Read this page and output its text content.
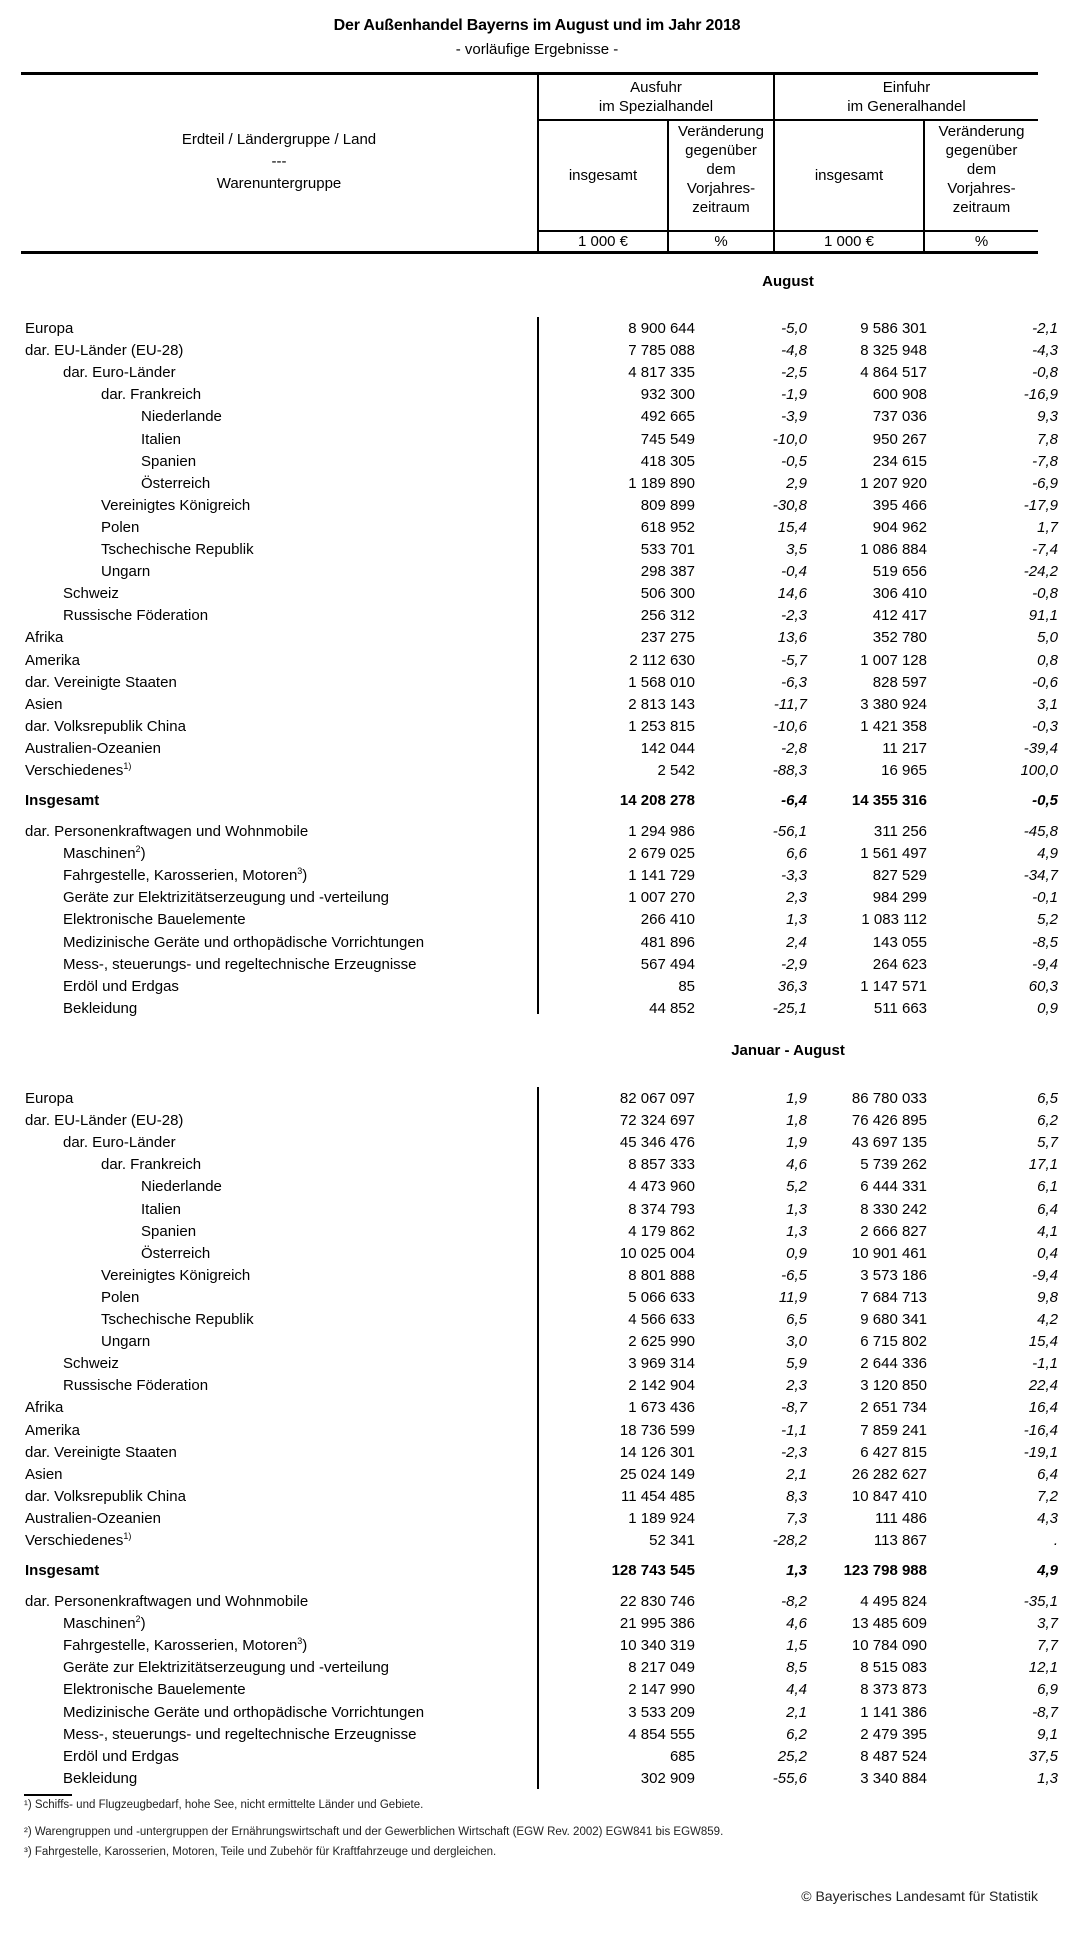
Der Außenhandel Bayerns im August und im Jahr 2018
- vorläufige Ergebnisse -
Erdteil / Ländergruppe / Land
---
Warenuntergruppe
Ausfuhr
im Spezialhandel
Einfuhr
im Generalhandel
insgesamt
Veränderung
gegenüber
dem
Vorjahres-
zeitraum
insgesamt
Veränderung
gegenüber
dem
Vorjahres-
zeitraum
1 000 €	%	1 000 €	%
August
Januar - August
Europa	8 900 644	-5,0	9 586 301	-2,1
dar. EU-Länder (EU-28)	7 785 088	-4,8	8 325 948	-4,3
dar. Euro-Länder	4 817 335	-2,5	4 864 517	-0,8
dar. Frankreich	932 300	-1,9	600 908	-16,9
Niederlande	492 665	-3,9	737 036	9,3
Italien	745 549	-10,0	950 267	7,8
Spanien	418 305	-0,5	234 615	-7,8
Österreich	1 189 890	2,9	1 207 920	-6,9
Vereinigtes Königreich	809 899	-30,8	395 466	-17,9
Polen	618 952	15,4	904 962	1,7
Tschechische Republik	533 701	3,5	1 086 884	-7,4
Ungarn	298 387	-0,4	519 656	-24,2
Schweiz	506 300	14,6	306 410	-0,8
Russische Föderation	256 312	-2,3	412 417	91,1
Afrika	237 275	13,6	352 780	5,0
Amerika	2 112 630	-5,7	1 007 128	0,8
dar. Vereinigte Staaten	1 568 010	-6,3	828 597	-0,6
Asien	2 813 143	-11,7	3 380 924	3,1
dar. Volksrepublik China	1 253 815	-10,6	1 421 358	-0,3
Australien-Ozeanien	142 044	-2,8	11 217	-39,4
Verschiedenes$^{1)}$	2 542	-88,3	16 965	100,0
Insgesamt	14 208 278	-6,4	14 355 316	-0,5
dar. Personenkraftwagen und Wohnmobile	1 294 986	-56,1	311 256	-45,8
Maschinen$^2$)	2 679 025	6,6	1 561 497	4,9
Fahrgestelle, Karosserien, Motoren$^3$)	1 141 729	-3,3	827 529	-34,7
Geräte zur Elektrizitätserzeugung und -verteilung	1 007 270	2,3	984 299	-0,1
Elektronische Bauelemente	266 410	1,3	1 083 112	5,2
Medizinische Geräte und orthopädische Vorrichtungen	481 896	2,4	143 055	-8,5
Mess-, steuerungs- und regeltechnische Erzeugnisse	567 494	-2,9	264 623	-9,4
Erdöl und Erdgas	85	36,3	1 147 571	60,3
Bekleidung	44 852	-25,1	511 663	0,9
Europa	82 067 097	1,9	86 780 033	6,5
dar. EU-Länder (EU-28)	72 324 697	1,8	76 426 895	6,2
dar. Euro-Länder	45 346 476	1,9	43 697 135	5,7
dar. Frankreich	8 857 333	4,6	5 739 262	17,1
Niederlande	4 473 960	5,2	6 444 331	6,1
Italien	8 374 793	1,3	8 330 242	6,4
Spanien	4 179 862	1,3	2 666 827	4,1
Österreich	10 025 004	0,9	10 901 461	0,4
Vereinigtes Königreich	8 801 888	-6,5	3 573 186	-9,4
Polen	5 066 633	11,9	7 684 713	9,8
Tschechische Republik	4 566 633	6,5	9 680 341	4,2
Ungarn	2 625 990	3,0	6 715 802	15,4
Schweiz	3 969 314	5,9	2 644 336	-1,1
Russische Föderation	2 142 904	2,3	3 120 850	22,4
Afrika	1 673 436	-8,7	2 651 734	16,4
Amerika	18 736 599	-1,1	7 859 241	-16,4
dar. Vereinigte Staaten	14 126 301	-2,3	6 427 815	-19,1
Asien	25 024 149	2,1	26 282 627	6,4
dar. Volksrepublik China	11 454 485	8,3	10 847 410	7,2
Australien-Ozeanien	1 189 924	7,3	111 486	4,3
Verschiedenes$^{1)}$	52 341	-28,2	113 867	.
Insgesamt	128 743 545	1,3	123 798 988	4,9
dar. Personenkraftwagen und Wohnmobile	22 830 746	-8,2	4 495 824	-35,1
Maschinen$^2$)	21 995 386	4,6	13 485 609	3,7
Fahrgestelle, Karosserien, Motoren$^3$)	10 340 319	1,5	10 784 090	7,7
Geräte zur Elektrizitätserzeugung und -verteilung	8 217 049	8,5	8 515 083	12,1
Elektronische Bauelemente	2 147 990	4,4	8 373 873	6,9
Medizinische Geräte und orthopädische Vorrichtungen	3 533 209	2,1	1 141 386	-8,7
Mess-, steuerungs- und regeltechnische Erzeugnisse	4 854 555	6,2	2 479 395	9,1
Erdöl und Erdgas	685	25,2	8 487 524	37,5
Bekleidung	302 909	-55,6	3 340 884	1,3
¹) Schiffs- und Flugzeugbedarf, hohe See, nicht ermittelte Länder und Gebiete.
²) Warengruppen und -untergruppen der Ernährungswirtschaft und der Gewerblichen Wirtschaft (EGW Rev. 2002) EGW841 bis EGW859.
³) Fahrgestelle, Karosserien, Motoren, Teile und Zubehör für Kraftfahrzeuge und dergleichen.
© Bayerisches Landesamt für Statistik
